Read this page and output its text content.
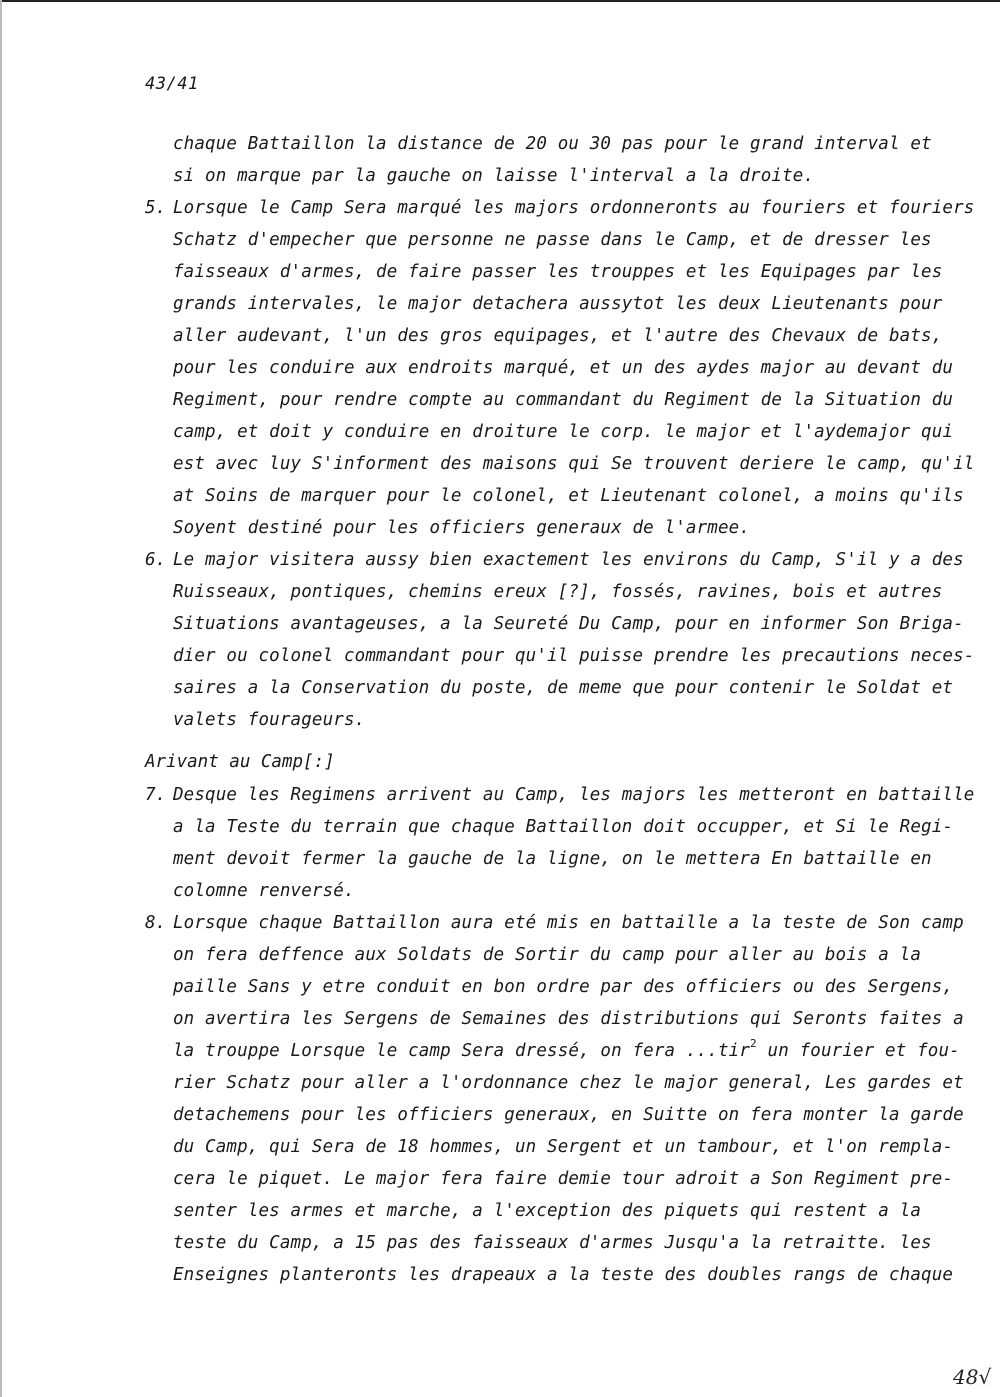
43/41
chaque Battaillon la distance de 20 ou 30 pas pour le grand interval et
si on marque par la gauche on laisse l'interval a la droite.
5. Lorsque le Camp Sera marqué les majors ordonneronts au fouriers et fouriers
Schatz d'empecher que personne ne passe dans le Camp, et de dresser les
faisseaux d'armes, de faire passer les trouppes et les Equipages par les
grands intervales, le major detachera aussytot les deux Lieutenants pour
aller audevant, l'un des gros equipages, et l'autre des Chevaux de bats,
pour les conduire aux endroits marqué, et un des aydes major au devant du
Regiment, pour rendre compte au commandant du Regiment de la Situation du
camp, et doit y conduire en droiture le corp. le major et l'aydemajor qui
est avec luy S'informent des maisons qui Se trouvent deriere le camp, qu'il
at Soins de marquer pour le colonel, et Lieutenant colonel, a moins qu'ils
Soyent destiné pour les officiers generaux de l'armee.
6. Le major visitera aussy bien exactement les environs du Camp, S'il y a des
Ruisseaux, pontiques, chemins ereux [?], fossés, ravines, bois et autres
Situations avantageuses, a la Seureté Du Camp, pour en informer Son Briga-
dier ou colonel commandant pour qu'il puisse prendre les precautions neces-
saires a la Conservation du poste, de meme que pour contenir le Soldat et
valets fourageurs.
Arivant au Camp[:]
7. Desque les Regimens arrivent au Camp, les majors les metteront en battaille
a la Teste du terrain que chaque Battaillon doit occupper, et Si le Regi-
ment devoit fermer la gauche de la ligne, on le mettera En battaille en
colomne renversé.
8. Lorsque chaque Battaillon aura eté mis en battaille a la teste de Son camp
on fera deffence aux Soldats de Sortir du camp pour aller au bois a la
paille Sans y etre conduit en bon ordre par des officiers ou des Sergens,
on avertira les Sergens de Semaines des distributions qui Seronts faites a
la trouppe Lorsque le camp Sera dressé, on fera ...tir$^2$ un fourier et fou-
rier Schatz pour aller a l'ordonnance chez le major general, Les gardes et
detachemens pour les officiers generaux, en Suitte on fera monter la garde
du Camp, qui Sera de 18 hommes, un Sergent et un tambour, et l'on rempla-
cera le piquet. Le major fera faire demie tour adroit a Son Regiment pre-
senter les armes et marche, a l'exception des piquets qui restent a la
teste du Camp, a 15 pas des faisseaux d'armes Jusqu'a la retraitte. les
Enseignes planteronts les drapeaux a la teste des doubles rangs de chaque
48√
